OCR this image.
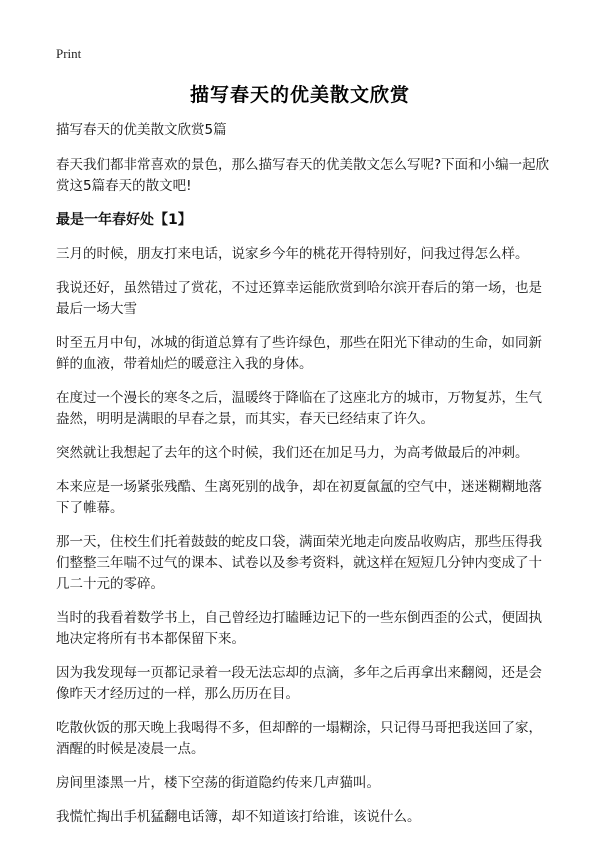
Print
描写春天的优美散文欣赏

描写春天的优美散文欣赏5篇

春天我们都非常喜欢的景色，那么描写春天的优美散文怎么写呢?下面和小编一起欣赏这5篇春天的散文吧!

最是一年春好处【1】

三月的时候，朋友打来电话，说家乡今年的桃花开得特别好，问我过得怎么样。

我说还好，虽然错过了赏花，不过还算幸运能欣赏到哈尔滨开春后的第一场，也是最后一场大雪

时至五月中旬，冰城的街道总算有了些许绿色，那些在阳光下律动的生命，如同新鲜的血液，带着灿烂的暖意注入我的身体。

在度过一个漫长的寒冬之后，温暖终于降临在了这座北方的城市，万物复苏，生气盎然，明明是满眼的早春之景，而其实，春天已经结束了许久。

突然就让我想起了去年的这个时候，我们还在加足马力，为高考做最后的冲刺。

本来应是一场紧张残酷、生离死别的战争，却在初夏氤氲的空气中，迷迷糊糊地落下了帷幕。

那一天，住校生们托着鼓鼓的蛇皮口袋，满面荣光地走向废品收购店，那些压得我们整整三年喘不过气的课本、试卷以及参考资料，就这样在短短几分钟内变成了十几二十元的零碎。

当时的我看着数学书上，自己曾经边打瞌睡边记下的一些东倒西歪的公式，便固执地决定将所有书本都保留下来。

因为我发现每一页都记录着一段无法忘却的点滴，多年之后再拿出来翻阅，还是会像昨天才经历过的一样，那么历历在目。

吃散伙饭的那天晚上我喝得不多，但却醉的一塌糊涂，只记得马哥把我送回了家，酒醒的时候是凌晨一点。

房间里漆黑一片，楼下空荡的街道隐约传来几声猫叫。

我慌忙掏出手机猛翻电话簿，却不知道该打给谁，该说什么。
